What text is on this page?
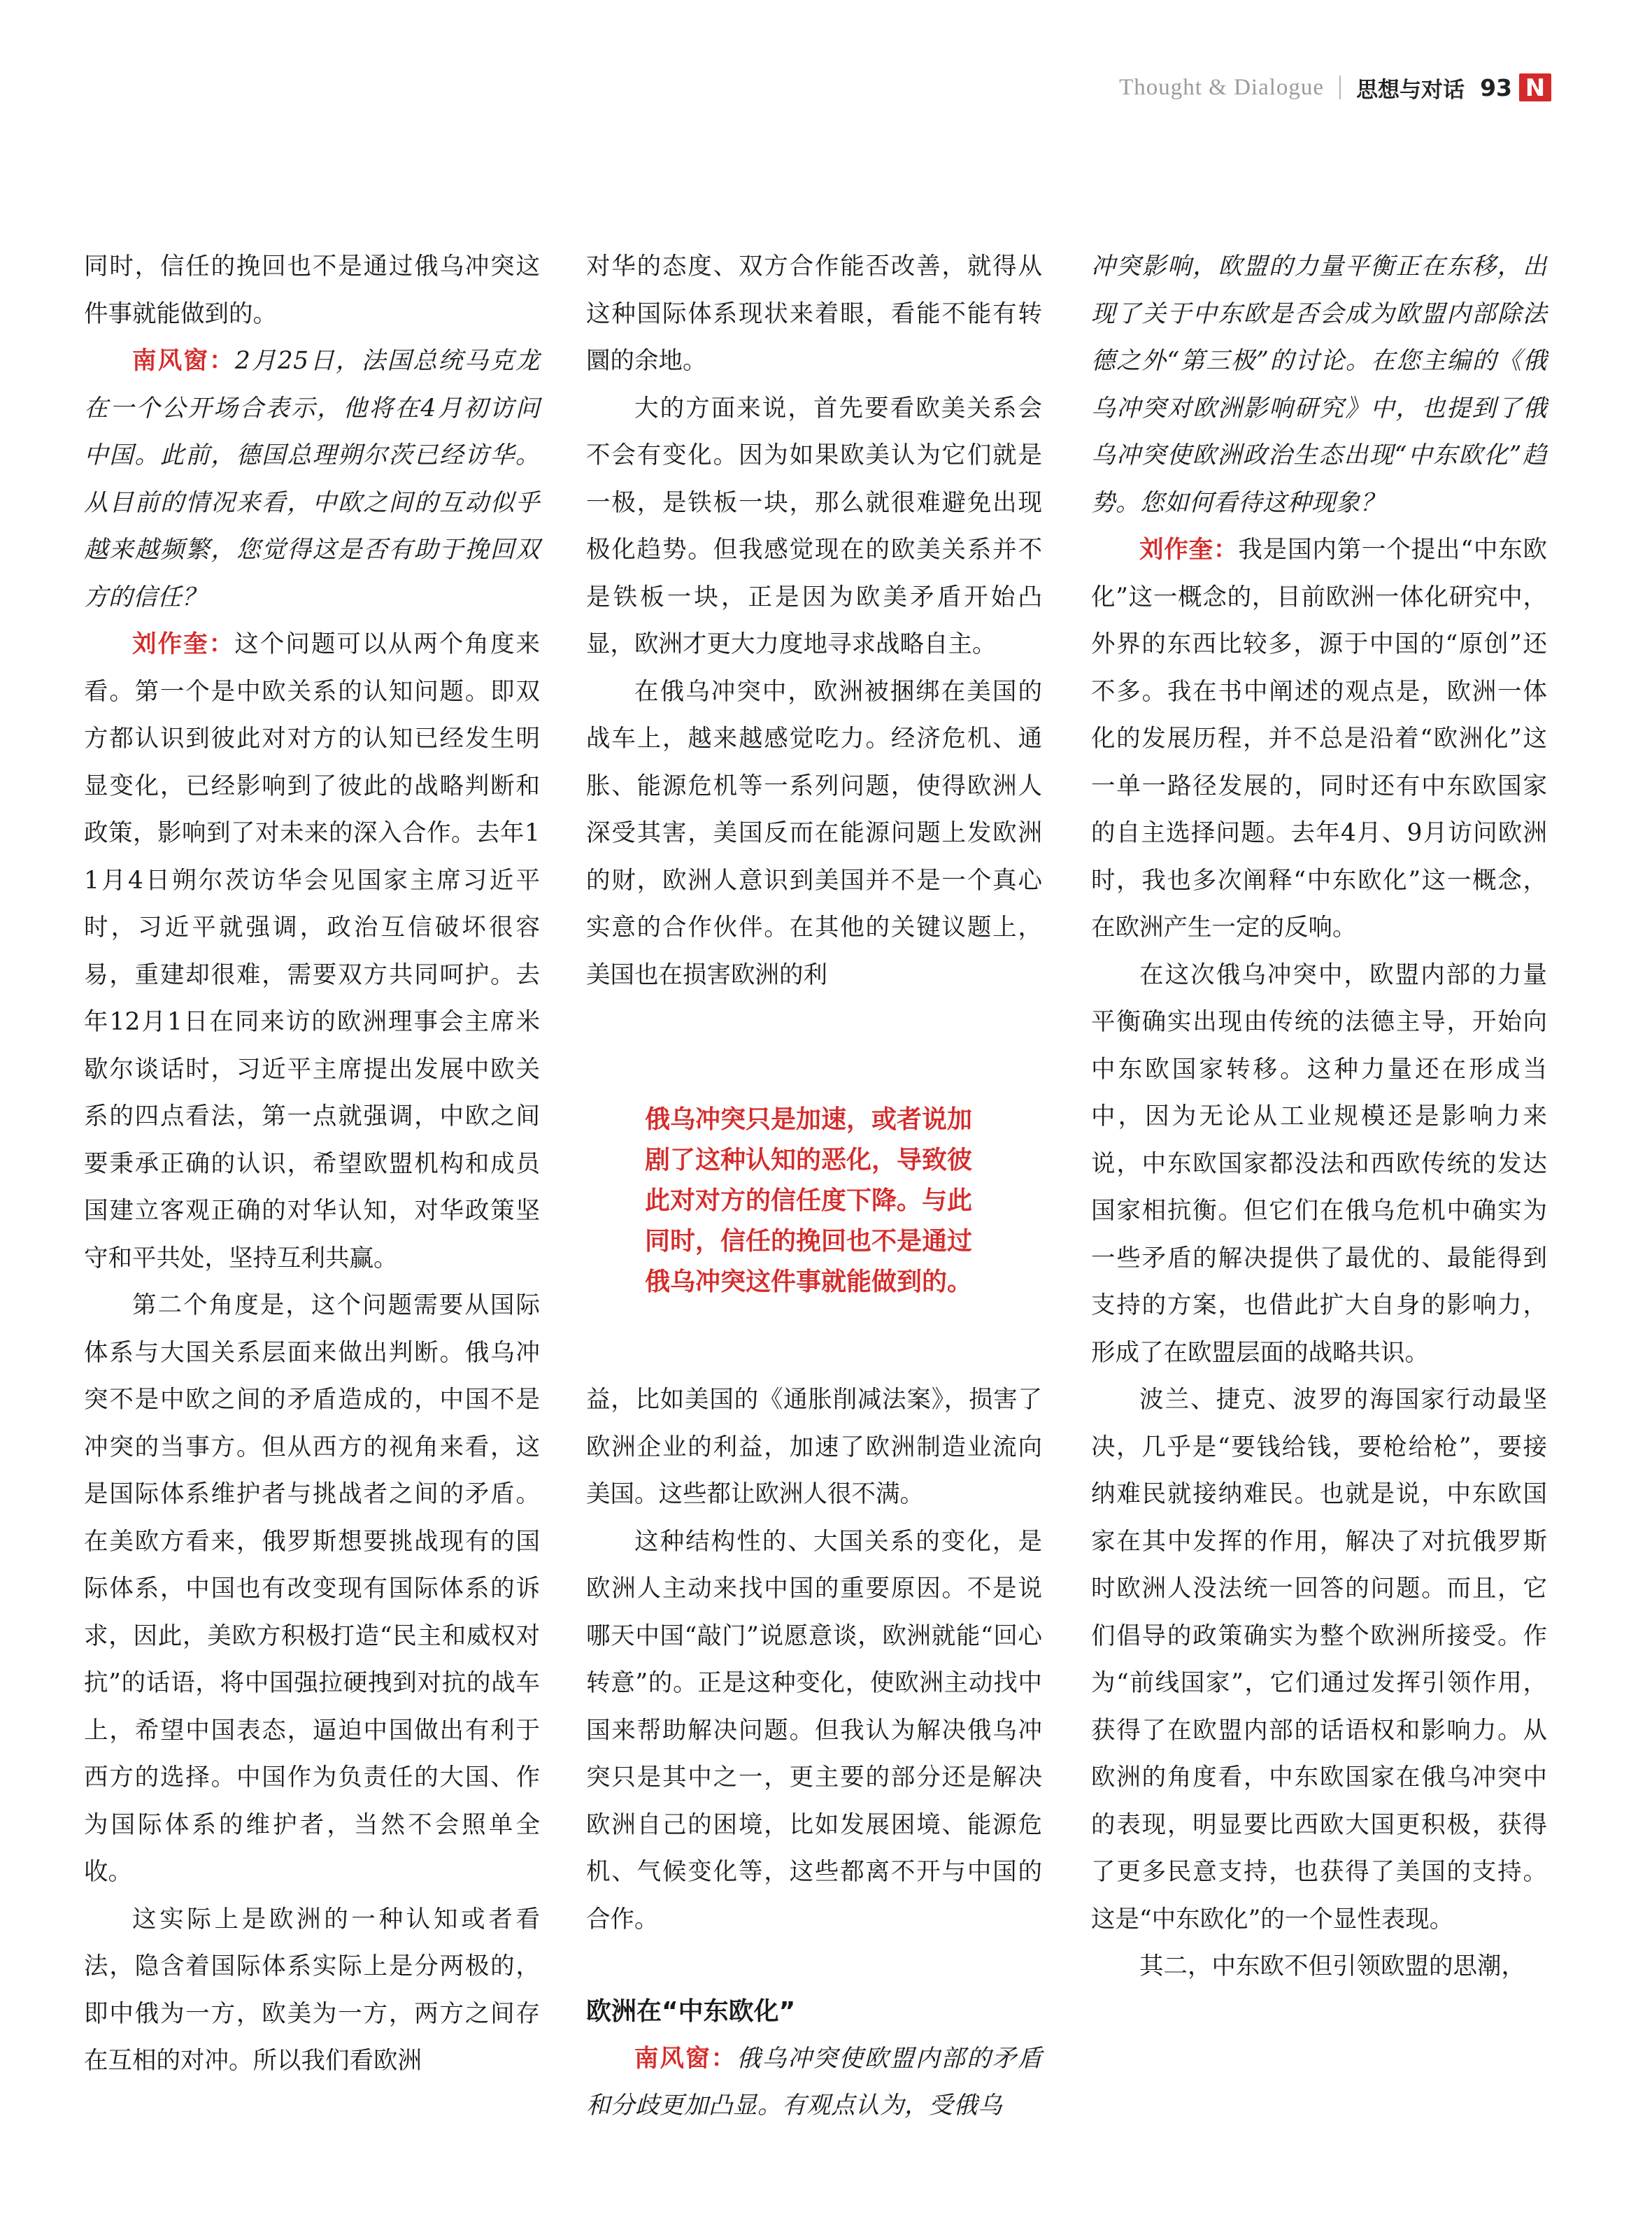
Thought & Dialogue 思想与对话 93 N

同时，信任的挽回也不是通过俄乌冲突这件事就能做到的。

南风窗：2月25日，法国总统马克龙在一个公开场合表示，他将在4月初访问中国。此前，德国总理朔尔茨已经访华。从目前的情况来看，中欧之间的互动似乎越来越频繁，您觉得这是否有助于挽回双方的信任？

刘作奎：这个问题可以从两个角度来看。第一个是中欧关系的认知问题。即双方都认识到彼此对对方的认知已经发生明显变化，已经影响到了彼此的战略判断和政策，影响到了对未来的深入合作。去年11月4日朔尔茨访华会见国家主席习近平时，习近平就强调，政治互信破坏很容易，重建却很难，需要双方共同呵护。去年12月1日在同来访的欧洲理事会主席米歇尔谈话时，习近平主席提出发展中欧关系的四点看法，第一点就强调，中欧之间要秉承正确的认识，希望欧盟机构和成员国建立客观正确的对华认知，对华政策坚守和平共处，坚持互利共赢。

第二个角度是，这个问题需要从国际体系与大国关系层面来做出判断。俄乌冲突不是中欧之间的矛盾造成的，中国不是冲突的当事方。但从西方的视角来看，这是国际体系维护者与挑战者之间的矛盾。在美欧方看来，俄罗斯想要挑战现有的国际体系，中国也有改变现有国际体系的诉求，因此，美欧方积极打造“民主和威权对抗”的话语，将中国强拉硬拽到对抗的战车上，希望中国表态，逼迫中国做出有利于西方的选择。中国作为负责任的大国、作为国际体系的维护者，当然不会照单全收。

这实际上是欧洲的一种认知或者看法，隐含着国际体系实际上是分两极的，即中俄为一方，欧美为一方，两方之间存在互相的对冲。所以我们看欧洲

对华的态度、双方合作能否改善，就得从这种国际体系现状来着眼，看能不能有转圜的余地。

大的方面来说，首先要看欧美关系会不会有变化。因为如果欧美认为它们就是一极，是铁板一块，那么就很难避免出现极化趋势。但我感觉现在的欧美关系并不是铁板一块，正是因为欧美矛盾开始凸显，欧洲才更大力度地寻求战略自主。

在俄乌冲突中，欧洲被捆绑在美国的战车上，越来越感觉吃力。经济危机、通胀、能源危机等一系列问题，使得欧洲人深受其害，美国反而在能源问题上发欧洲的财，欧洲人意识到美国并不是一个真心实意的合作伙伴。在其他的关键议题上，美国也在损害欧洲的利

俄乌冲突只是加速，或者说加剧了这种认知的恶化，导致彼此对对方的信任度下降。与此同时，信任的挽回也不是通过俄乌冲突这件事就能做到的。

益，比如美国的《通胀削减法案》，损害了欧洲企业的利益，加速了欧洲制造业流向美国。这些都让欧洲人很不满。

这种结构性的、大国关系的变化，是欧洲人主动来找中国的重要原因。不是说哪天中国“敲门”说愿意谈，欧洲就能“回心转意”的。正是这种变化，使欧洲主动找中国来帮助解决问题。但我认为解决俄乌冲突只是其中之一，更主要的部分还是解决欧洲自己的困境，比如发展困境、能源危机、气候变化等，这些都离不开与中国的合作。

欧洲在“中东欧化”

南风窗：俄乌冲突使欧盟内部的矛盾和分歧更加凸显。有观点认为，受俄乌

冲突影响，欧盟的力量平衡正在东移，出现了关于中东欧是否会成为欧盟内部除法德之外“第三极”的讨论。在您主编的《俄乌冲突对欧洲影响研究》中，也提到了俄乌冲突使欧洲政治生态出现“中东欧化”趋势。您如何看待这种现象？

刘作奎：我是国内第一个提出“中东欧化”这一概念的，目前欧洲一体化研究中，外界的东西比较多，源于中国的“原创”还不多。我在书中阐述的观点是，欧洲一体化的发展历程，并不总是沿着“欧洲化”这一单一路径发展的，同时还有中东欧国家的自主选择问题。去年4月、9月访问欧洲时，我也多次阐释“中东欧化”这一概念，在欧洲产生一定的反响。

在这次俄乌冲突中，欧盟内部的力量平衡确实出现由传统的法德主导，开始向中东欧国家转移。这种力量还在形成当中，因为无论从工业规模还是影响力来说，中东欧国家都没法和西欧传统的发达国家相抗衡。但它们在俄乌危机中确实为一些矛盾的解决提供了最优的、最能得到支持的方案，也借此扩大自身的影响力，形成了在欧盟层面的战略共识。

波兰、捷克、波罗的海国家行动最坚决，几乎是“要钱给钱，要枪给枪”，要接纳难民就接纳难民。也就是说，中东欧国家在其中发挥的作用，解决了对抗俄罗斯时欧洲人没法统一回答的问题。而且，它们倡导的政策确实为整个欧洲所接受。作为“前线国家”，它们通过发挥引领作用，获得了在欧盟内部的话语权和影响力。从欧洲的角度看，中东欧国家在俄乌冲突中的表现，明显要比西欧大国更积极，获得了更多民意支持，也获得了美国的支持。这是“中东欧化”的一个显性表现。

其二，中东欧不但引领欧盟的思潮，
